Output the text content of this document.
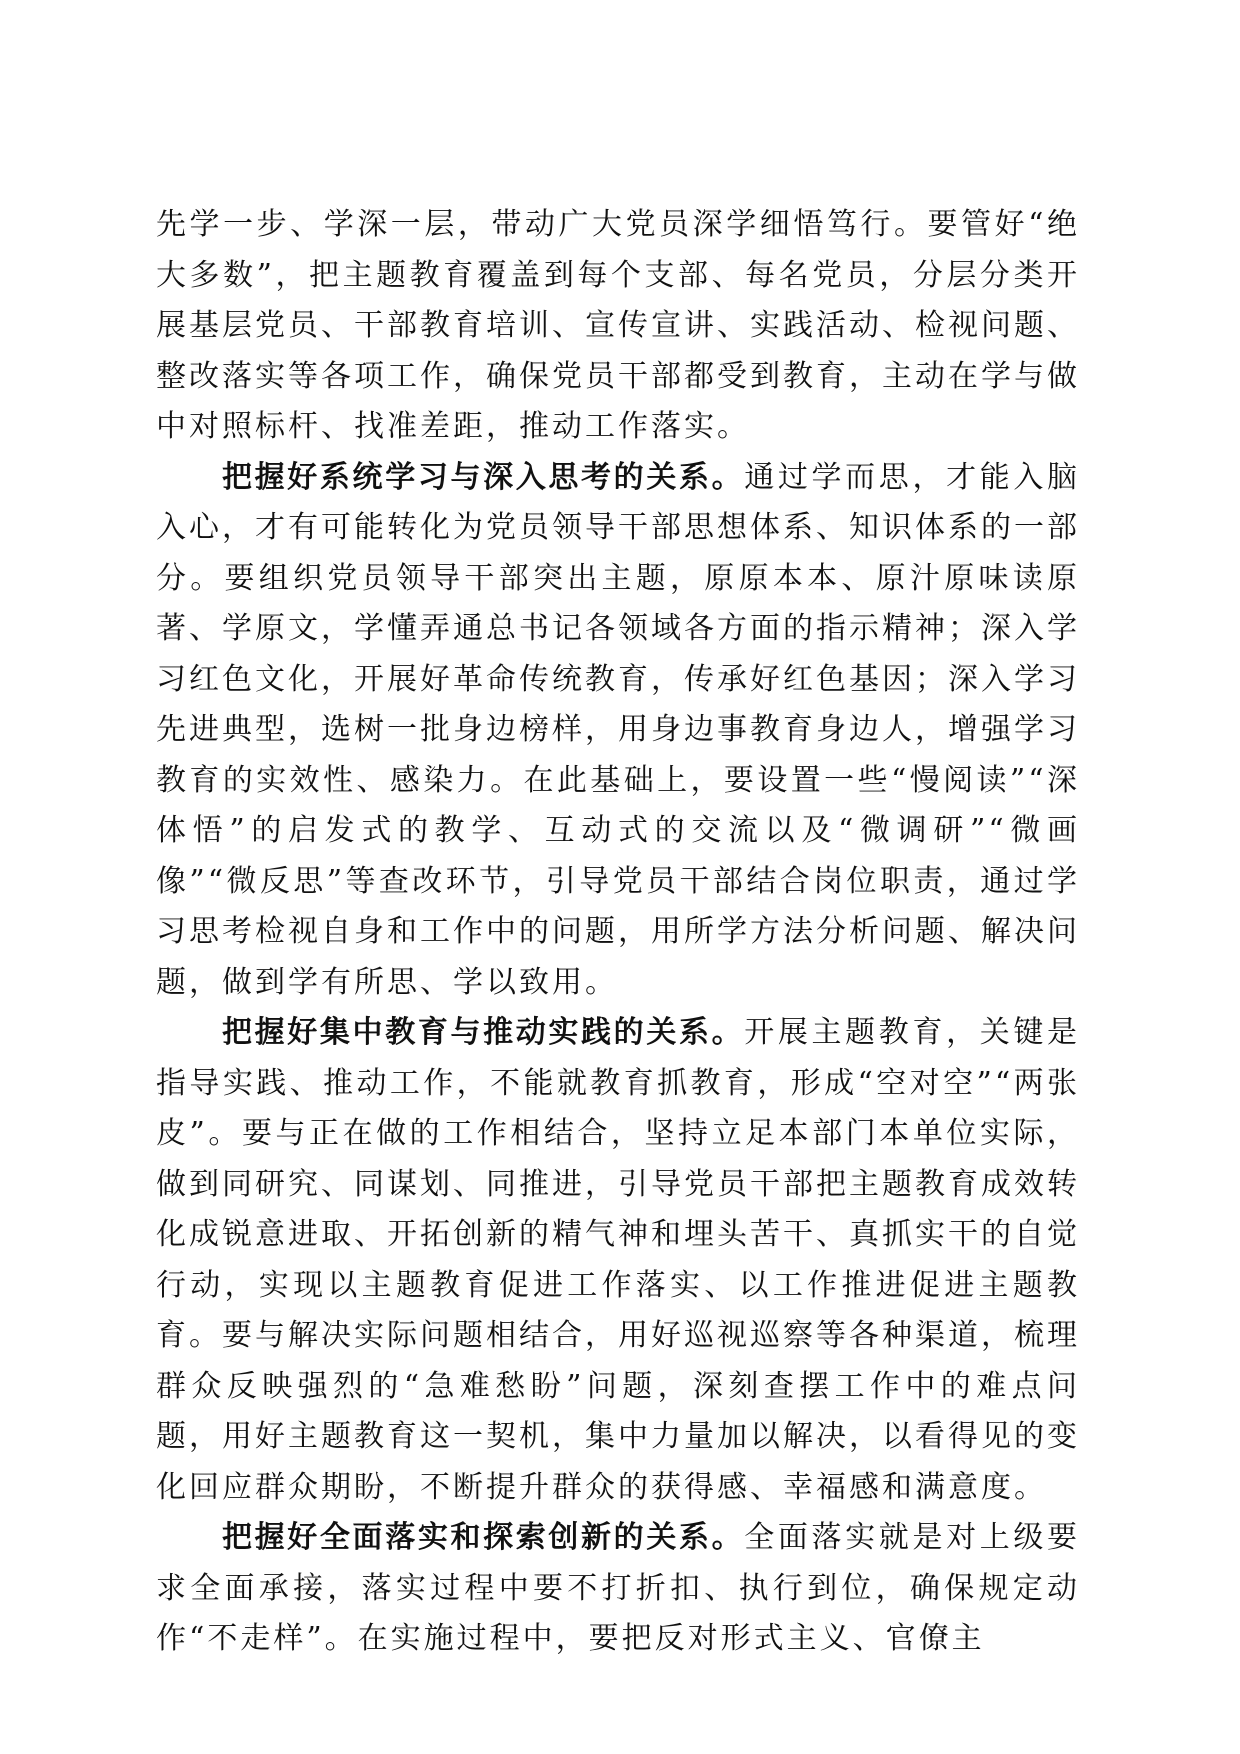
先学一步、学深一层，带动广大党员深学细悟笃行。要管好“绝大多数”，把主题教育覆盖到每个支部、每名党员，分层分类开展基层党员、干部教育培训、宣传宣讲、实践活动、检视问题、整改落实等各项工作，确保党员干部都受到教育，主动在学与做中对照标杆、找准差距，推动工作落实。

把握好系统学习与深入思考的关系。通过学而思，才能入脑入心，才有可能转化为党员领导干部思想体系、知识体系的一部分。要组织党员领导干部突出主题，原原本本、原汁原味读原著、学原文，学懂弄通总书记各领域各方面的指示精神；深入学习红色文化，开展好革命传统教育，传承好红色基因；深入学习先进典型，选树一批身边榜样，用身边事教育身边人，增强学习教育的实效性、感染力。在此基础上，要设置一些“慢阅读”“深体悟”的启发式的教学、互动式的交流以及“微调研”“微画像”“微反思”等查改环节，引导党员干部结合岗位职责，通过学习思考检视自身和工作中的问题，用所学方法分析问题、解决问题，做到学有所思、学以致用。

把握好集中教育与推动实践的关系。开展主题教育，关键是指导实践、推动工作，不能就教育抓教育，形成“空对空”“两张皮”。要与正在做的工作相结合，坚持立足本部门本单位实际，做到同研究、同谋划、同推进，引导党员干部把主题教育成效转化成锐意进取、开拓创新的精气神和埋头苦干、真抓实干的自觉行动，实现以主题教育促进工作落实、以工作推进促进主题教育。要与解决实际问题相结合，用好巡视巡察等各种渠道，梳理群众反映强烈的“急难愁盼”问题，深刻查摆工作中的难点问题，用好主题教育这一契机，集中力量加以解决，以看得见的变化回应群众期盼，不断提升群众的获得感、幸福感和满意度。

把握好全面落实和探索创新的关系。全面落实就是对上级要求全面承接，落实过程中要不打折扣、执行到位，确保规定动作“不走样”。在实施过程中，要把反对形式主义、官僚主
